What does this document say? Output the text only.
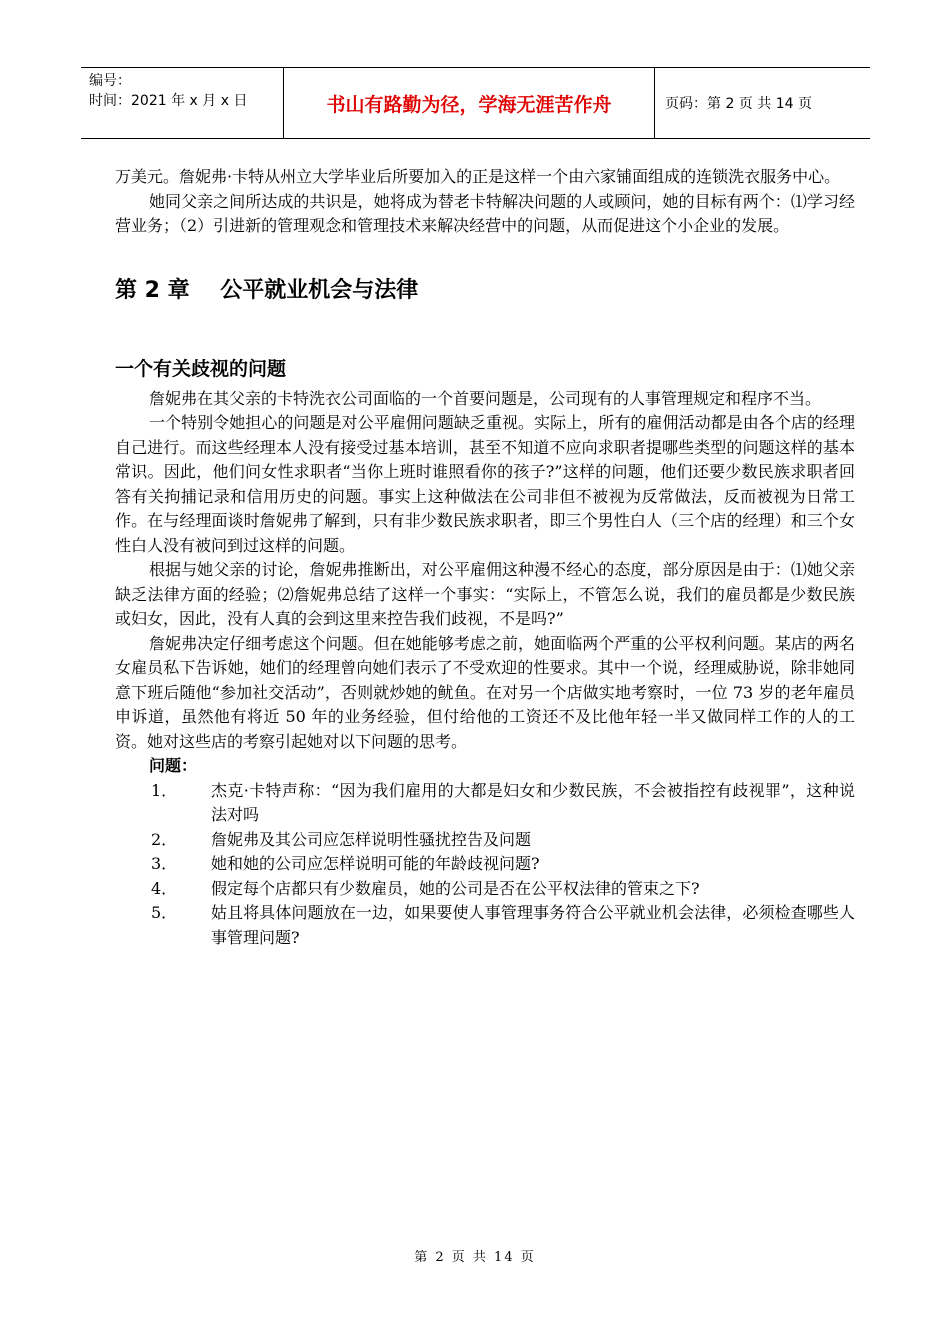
编号：
时间：2021 年 x 月 x 日	书山有路勤为径，学海无涯苦作舟	页码：第 2 页 共 14 页

万美元。詹妮弗·卡特从州立大学毕业后所要加入的正是这样一个由六家铺面组成的连锁洗衣服务中心。

她同父亲之间所达成的共识是，她将成为替老卡特解决问题的人或顾问，她的目标有两个：⑴学习经营业务；（2）引进新的管理观念和管理技术来解决经营中的问题，从而促进这个小企业的发展。

第 2 章    公平就业机会与法律
一个有关歧视的问题

詹妮弗在其父亲的卡特洗衣公司面临的一个首要问题是，公司现有的人事管理规定和程序不当。

一个特别令她担心的问题是对公平雇佣问题缺乏重视。实际上，所有的雇佣活动都是由各个店的经理自己进行。而这些经理本人没有接受过基本培训，甚至不知道不应向求职者提哪些类型的问题这样的基本常识。因此，他们问女性求职者“当你上班时谁照看你的孩子?”这样的问题，他们还要少数民族求职者回答有关拘捕记录和信用历史的问题。事实上这种做法在公司非但不被视为反常做法，反而被视为日常工作。在与经理面谈时詹妮弗了解到，只有非少数民族求职者，即三个男性白人（三个店的经理）和三个女性白人没有被问到过这样的问题。

根据与她父亲的讨论，詹妮弗推断出，对公平雇佣这种漫不经心的态度，部分原因是由于：⑴她父亲缺乏法律方面的经验；⑵詹妮弗总结了这样一个事实：“实际上，不管怎么说，我们的雇员都是少数民族或妇女，因此，没有人真的会到这里来控告我们歧视，不是吗?”

詹妮弗决定仔细考虑这个问题。但在她能够考虑之前，她面临两个严重的公平权利问题。某店的两名女雇员私下告诉她，她们的经理曾向她们表示了不受欢迎的性要求。其中一个说，经理威胁说，除非她同意下班后随他“参加社交活动”，否则就炒她的鱿鱼。在对另一个店做实地考察时，一位 73 岁的老年雇员申诉道，虽然他有将近 50 年的业务经验，但付给他的工资还不及比他年轻一半又做同样工作的人的工资。她对这些店的考察引起她对以下问题的思考。

问题：
1．	杰克·卡特声称：“因为我们雇用的大都是妇女和少数民族，不会被指控有歧视罪”，这种说法对吗
2．	詹妮弗及其公司应怎样说明性骚扰控告及问题
3．	她和她的公司应怎样说明可能的年龄歧视问题?
4．	假定每个店都只有少数雇员，她的公司是否在公平权法律的管束之下?
5．	姑且将具体问题放在一边，如果要使人事管理事务符合公平就业机会法律，必须检查哪些人事管理问题?
第 2 页 共 14 页
